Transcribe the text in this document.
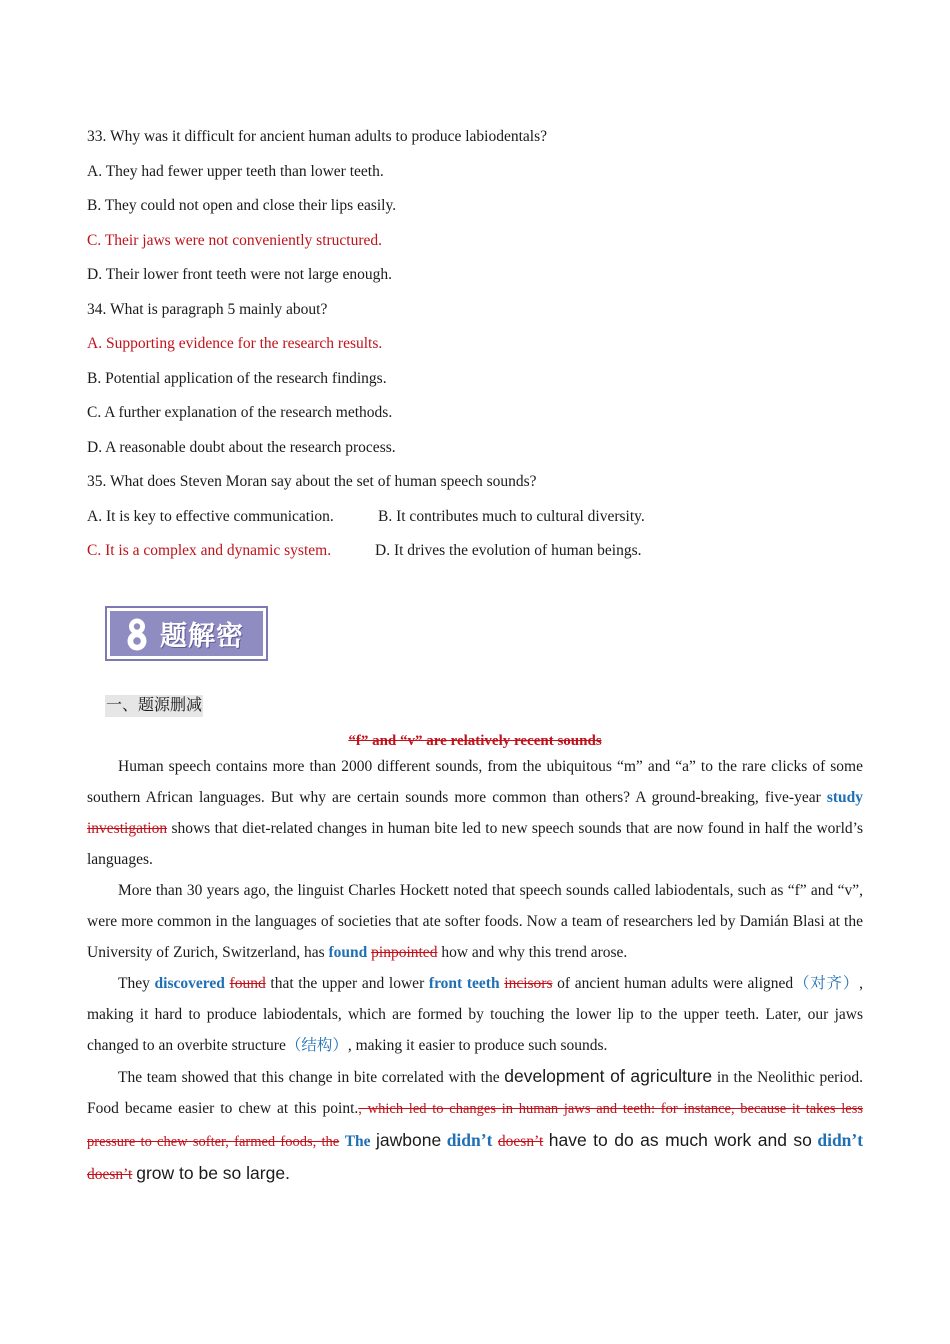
33. Why was it difficult for ancient human adults to produce labiodentals?
A. They had fewer upper teeth than lower teeth.
B. They could not open and close their lips easily.
C. Their jaws were not conveniently structured.
D. Their lower front teeth were not large enough.
34. What is paragraph 5 mainly about?
A. Supporting evidence for the research results.
B. Potential application of the research findings.
C. A further explanation of the research methods.
D. A reasonable doubt about the research process.
35. What does Steven Moran say about the set of human speech sounds?
A. It is key to effective communication.	B. It contributes much to cultural diversity.
C. It is a complex and dynamic system.	D. It drives the evolution of human beings.
题解密
一、题源删减
“f” and “v” are relatively recent sounds

Human speech contains more than 2000 different sounds, from the ubiquitous “m” and “a” to the rare clicks of some southern African languages. But why are certain sounds more common than others? A ground-breaking, five-year study investigation shows that diet-related changes in human bite led to new speech sounds that are now found in half the world’s languages.

More than 30 years ago, the linguist Charles Hockett noted that speech sounds called labiodentals, such as “f” and “v”, were more common in the languages of societies that ate softer foods. Now a team of researchers led by Damián Blasi at the University of Zurich, Switzerland, has found pinpointed how and why this trend arose.

They discovered found that the upper and lower front teeth incisors of ancient human adults were aligned（对齐）, making it hard to produce labiodentals, which are formed by touching the lower lip to the upper teeth. Later, our jaws changed to an overbite structure（结构）, making it easier to produce such sounds.

The team showed that this change in bite correlated with the development of agriculture in the Neolithic period. Food became easier to chew at this point., which led to changes in human jaws and teeth: for instance, because it takes less pressure to chew softer, farmed foods, the The jawbone didn’t doesn’t have to do as much work and so didn’t doesn’t grow to be so large.
